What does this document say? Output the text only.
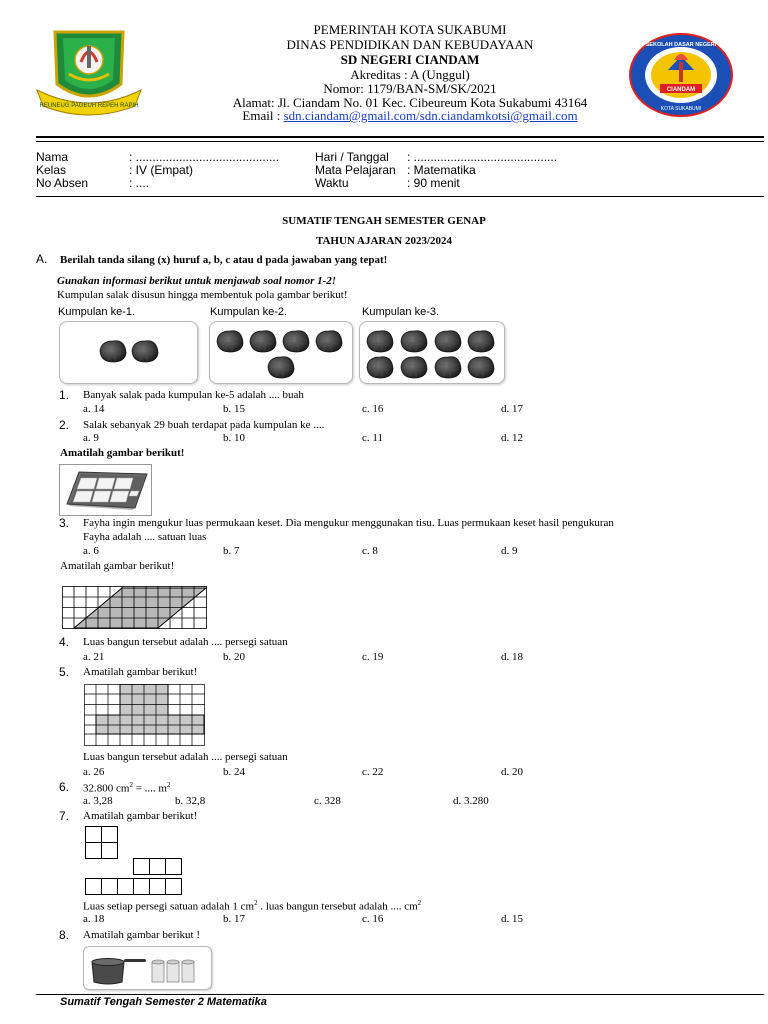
REUNEUG PAGEUH REPEH RAPIH
CIANDAM
SEKOLAH DASAR NEGERI
KOTA SUKABUMI
PEMERINTAH KOTA SUKABUMI
DINAS PENDIDIKAN DAN KEBUDAYAAN
SD NEGERI CIANDAM
Akreditas : A (Unggul)
Nomor: 1179/BAN-SM/SK/2021
Alamat: Jl. Ciandam No. 01 Kec. Cibeureum Kota Sukabumi 43164
Email : sdn.ciandam@gmail.com/sdn.ciandamkotsi@gmail.com
Nama	: ...........................................
Kelas	: IV (Empat)
No Absen	: ....
Hari / Tanggal : ...........................................
Mata Pelajaran : Matematika
Waktu	: 90 menit
SUMATIF TENGAH SEMESTER GENAP
TAHUN AJARAN 2023/2024
A. Berilah tanda silang (x) huruf a, b, c atau d pada jawaban yang tepat!
Gunakan informasi berikut untuk menjawab soal nomor 1-2!
Kumpulan salak disusun hingga membentuk pola gambar berikut!
Kumpulan ke-1.	Kumpulan ke-2.	Kumpulan ke-3.
1. Banyak salak pada kumpulan ke-5 adalah .... buah
a. 14	b. 15	c. 16	d. 17
2. Salak sebanyak 29 buah terdapat pada kumpulan ke ....
a. 9	b. 10	c. 11	d. 12
Amatilah gambar berikut!
3. Fayha ingin mengukur luas permukaan keset. Dia mengukur menggunakan tisu. Luas permukaan keset hasil pengukuran
Fayha adalah .... satuan luas
a. 6	b. 7	c. 8	d. 9
Amatilah gambar berikut!
4. Luas bangun tersebut adalah .... persegi satuan
a. 21	b. 20	c. 19	d. 18
5. Amatilah gambar berikut!
Luas bangun tersebut adalah .... persegi satuan
a. 26	b. 24	c. 22	d. 20
6. 32.800 $cm^2$ = .... $m^2$
a. 3,28	b. 32,8	c. 328	d. 3.280
7. Amatilah gambar berikut!
Luas setiap persegi satuan adalah 1 $cm^2$ . luas bangun tersebut adalah .... $cm^2$
a. 18	b. 17	c. 16	d. 15
8. Amatilah gambar berikut !
Sumatif Tengah Semester 2 Matematika
